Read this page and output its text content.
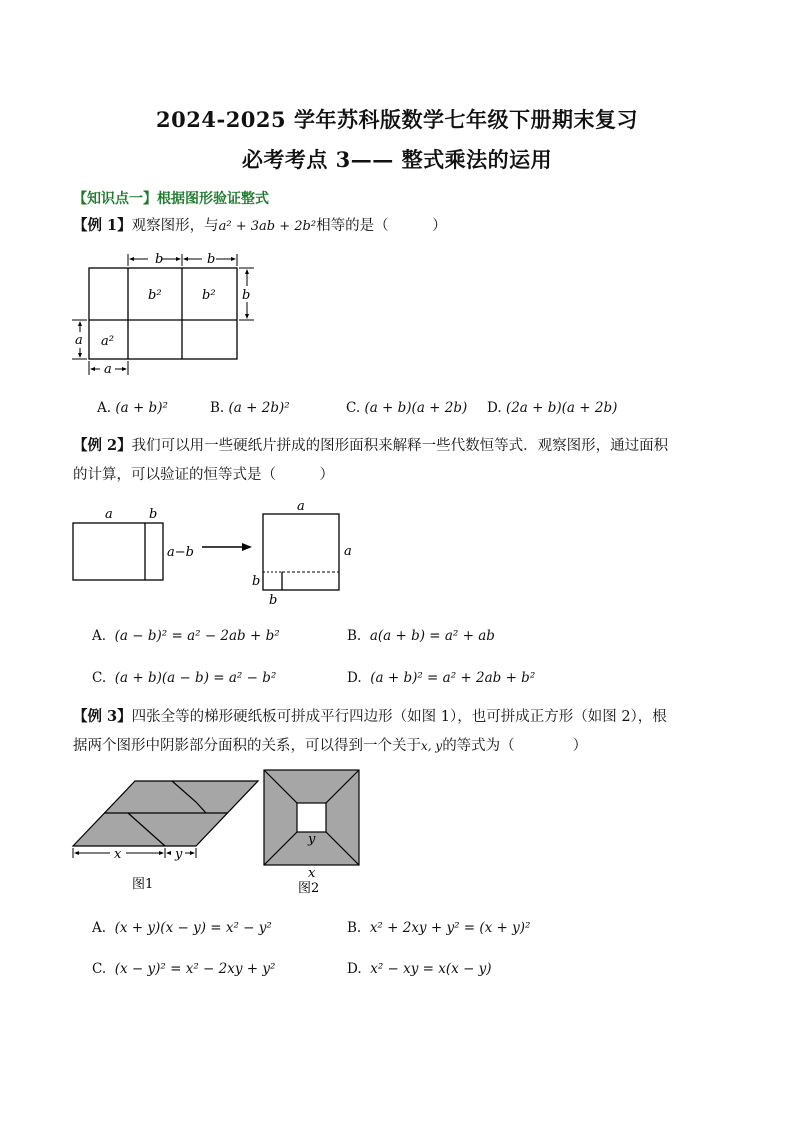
2024-2025 学年苏科版数学七年级下册期末复习
必考考点 3—— 整式乘法的运用
【知识点一】根据图形验证整式
【例 1】观察图形，与a² + 3ab + 2b²相等的是（　　　）
b	b
b
a
a
b²	b²
a²
A. (a + b)²	B. (a + 2b)²	C. (a + b)(a + 2b) D. (2a + b)(a + 2b)
【例 2】我们可以用一些硬纸片拼成的图形面积来解释一些代数恒等式．观察图形，通过面积
的计算，可以验证的恒等式是（　　　）
a	b
a−b
a
a
b
b
A. (a − b)² = a² − 2ab + b²	B. a(a + b) = a² + ab
C. (a + b)(a − b) = a² − b²	D. (a + b)² = a² + 2ab + b²
【例 3】四张全等的梯形硬纸板可拼成平行四边形（如图 1），也可拼成正方形（如图 2），根
据两个图形中阴影部分面积的关系，可以得到一个关于x, y的等式为（　　　　）
x	y
图1
y
x
图2
A. (x + y)(x − y) = x² − y²	B. x² + 2xy + y² = (x + y)²
C. (x − y)² = x² − 2xy + y²	D. x² − xy = x(x − y)
